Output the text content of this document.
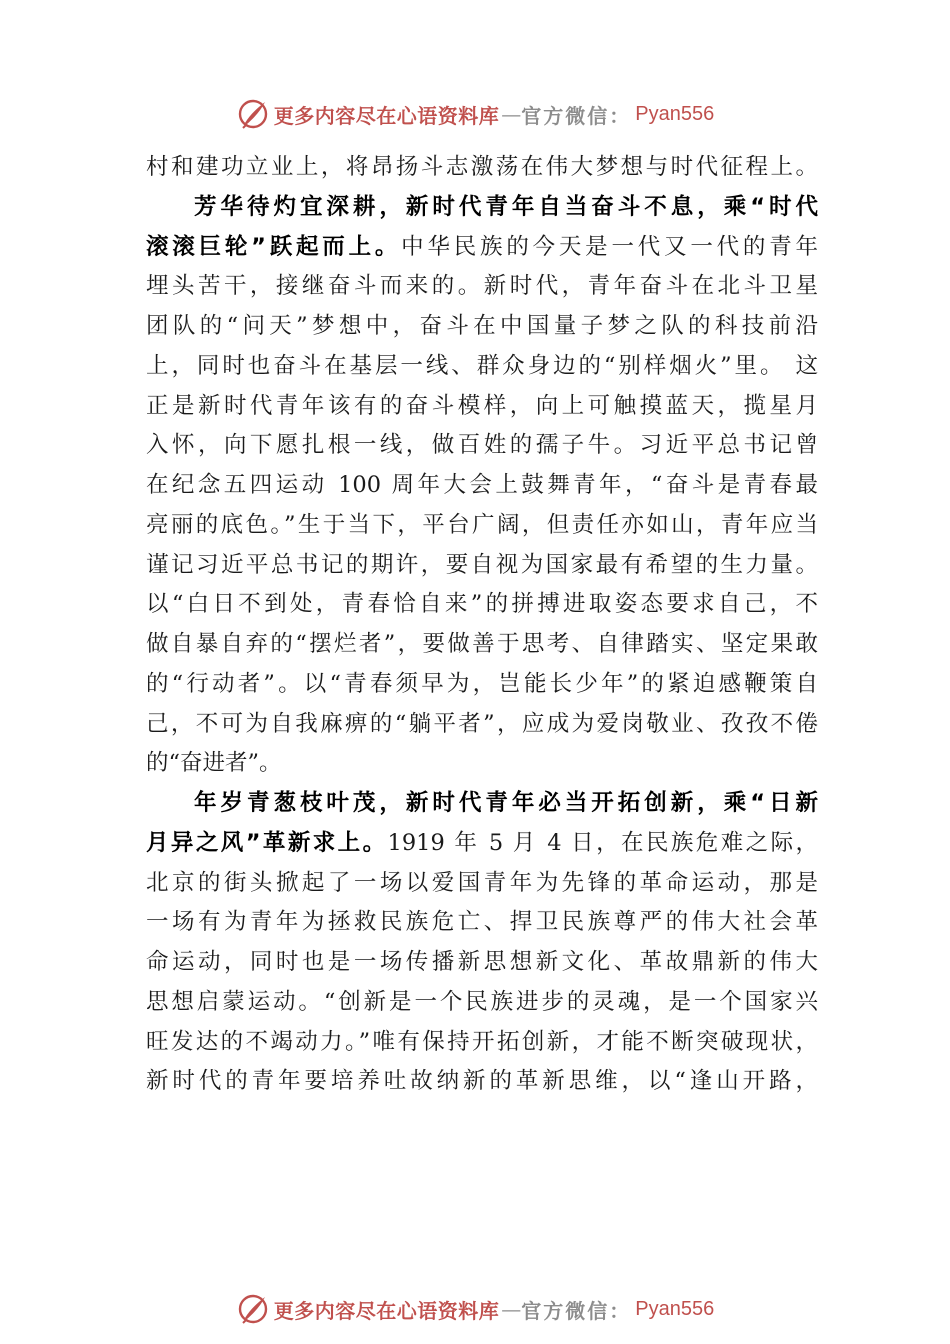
更多内容尽在心语资料库 — 官方微信： Pyan556
村和建功立业上，将昂扬斗志激荡在伟大梦想与时代征程上。
芳华待灼宜深耕，新时代青年自当奋斗不息，乘“时代
滚滚巨轮”跃起而上。中华民族的今天是一代又一代的青年
埋头苦干，接继奋斗而来的。新时代，青年奋斗在北斗卫星
团队的“问天”梦想中，奋斗在中国量子梦之队的科技前沿
上，同时也奋斗在基层一线、群众身边的“别样烟火”里。 这
正是新时代青年该有的奋斗模样，向上可触摸蓝天，揽星月
入怀，向下愿扎根一线，做百姓的孺子牛。习近平总书记曾
在纪念五四运动 100 周年大会上鼓舞青年，“奋斗是青春最
亮丽的底色。”生于当下，平台广阔，但责任亦如山，青年应当
谨记习近平总书记的期许，要自视为国家最有希望的生力量。
以“白日不到处，青春恰自来”的拼搏进取姿态要求自己，不
做自暴自弃的“摆烂者”，要做善于思考、自律踏实、坚定果敢
的“行动者”。以“青春须早为，岂能长少年”的紧迫感鞭策自
己，不可为自我麻痹的“躺平者”，应成为爱岗敬业、孜孜不倦
的“奋进者”。
年岁青葱枝叶茂，新时代青年必当开拓创新，乘“日新
月异之风”革新求上。1919 年 5 月 4 日，在民族危难之际，
北京的街头掀起了一场以爱国青年为先锋的革命运动，那是
一场有为青年为拯救民族危亡、捍卫民族尊严的伟大社会革
命运动，同时也是一场传播新思想新文化、革故鼎新的伟大
思想启蒙运动。“创新是一个民族进步的灵魂，是一个国家兴
旺发达的不竭动力。”唯有保持开拓创新，才能不断突破现状，
新时代的青年要培养吐故纳新的革新思维，以“逢山开路，
更多内容尽在心语资料库 — 官方微信： Pyan556
